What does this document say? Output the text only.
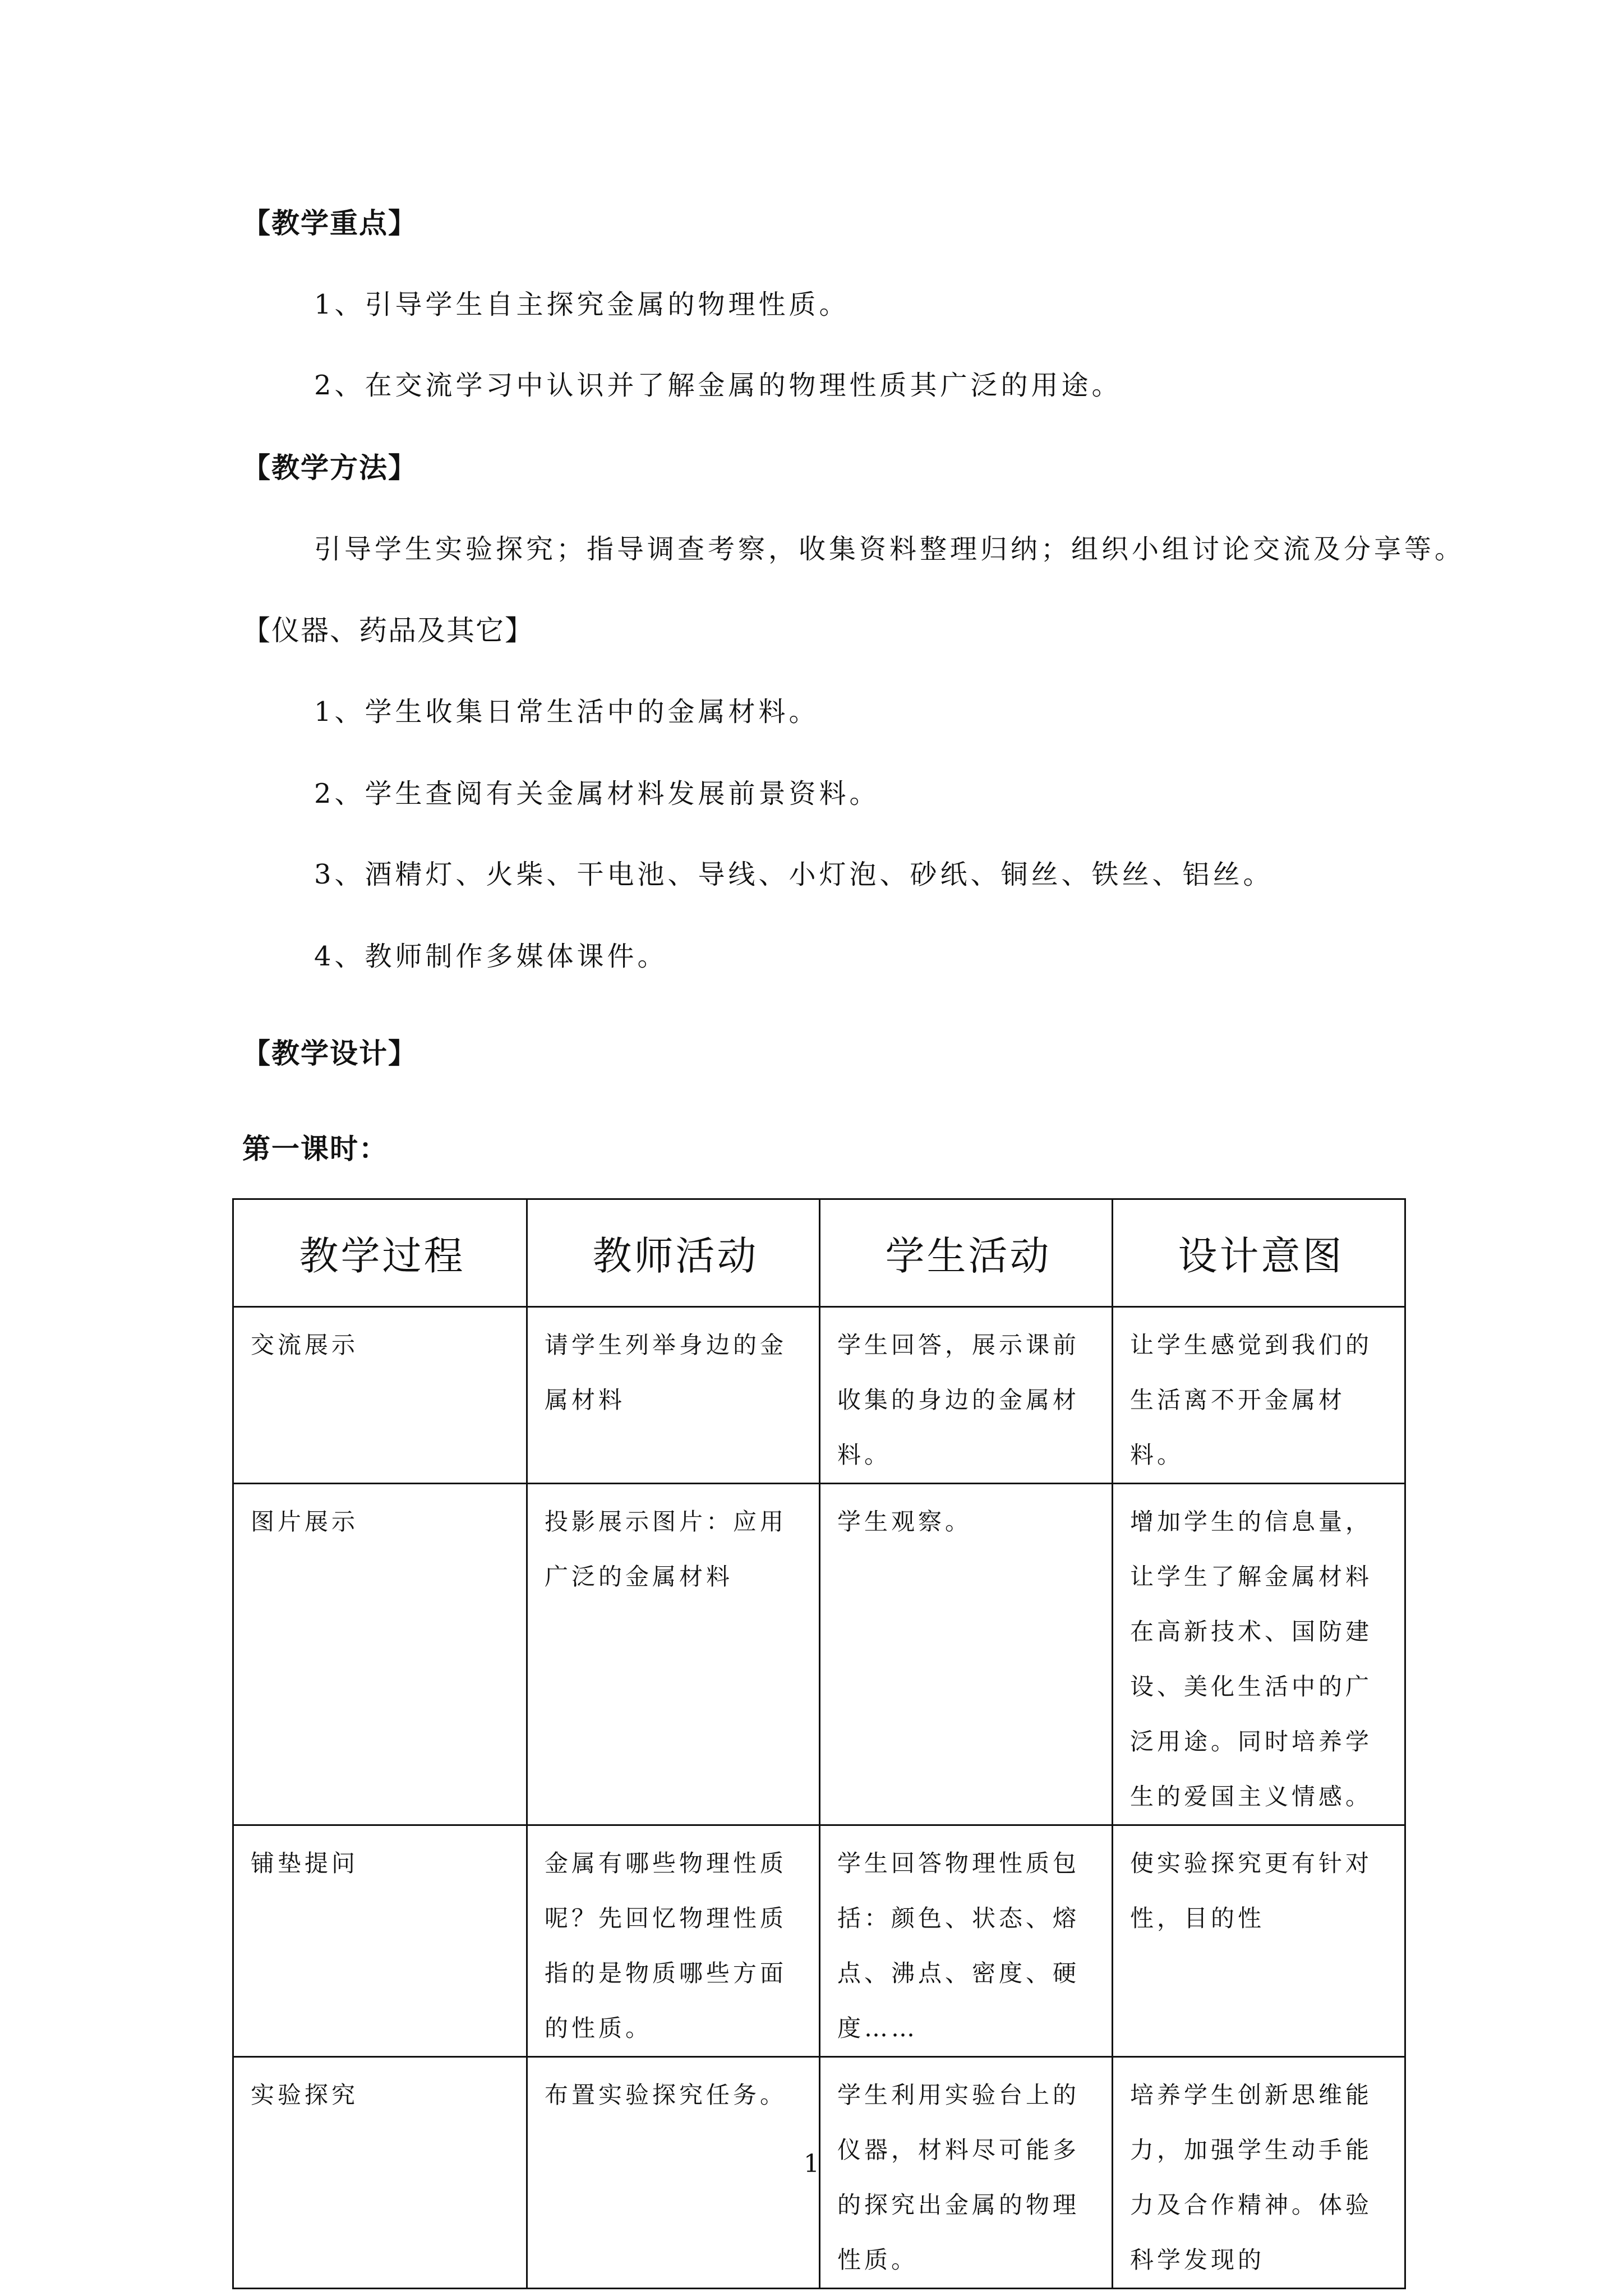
【教学重点】
1、引导学生自主探究金属的物理性质。
2、在交流学习中认识并了解金属的物理性质其广泛的用途。
【教学方法】
引导学生实验探究；指导调查考察，收集资料整理归纳；组织小组讨论交流及分享等。
【仪器、药品及其它】
1、学生收集日常生活中的金属材料。
2、学生查阅有关金属材料发展前景资料。
3、酒精灯、火柴、干电池、导线、小灯泡、砂纸、铜丝、铁丝、铝丝。
4、教师制作多媒体课件。
【教学设计】
第一课时：
教学过程	教师活动	学生活动	设计意图
交流展示	请学生列举身边的金属材料	学生回答，展示课前收集的身边的金属材料。	让学生感觉到我们的生活离不开金属材料。
图片展示	投影展示图片：应用广泛的金属材料	学生观察。	增加学生的信息量，让学生了解金属材料在高新技术、国防建设、美化生活中的广泛用途。同时培养学生的爱国主义情感。
铺垫提问	金属有哪些物理性质呢？先回忆物理性质指的是物质哪些方面的性质。	学生回答物理性质包括：颜色、状态、熔点、沸点、密度、硬度……	使实验探究更有针对性，目的性
实验探究	布置实验探究任务。	学生利用实验台上的仪器，材料尽可能多的探究出金属的物理性质。	培养学生创新思维能力，加强学生动手能力及合作精神。体验科学发现的
1
